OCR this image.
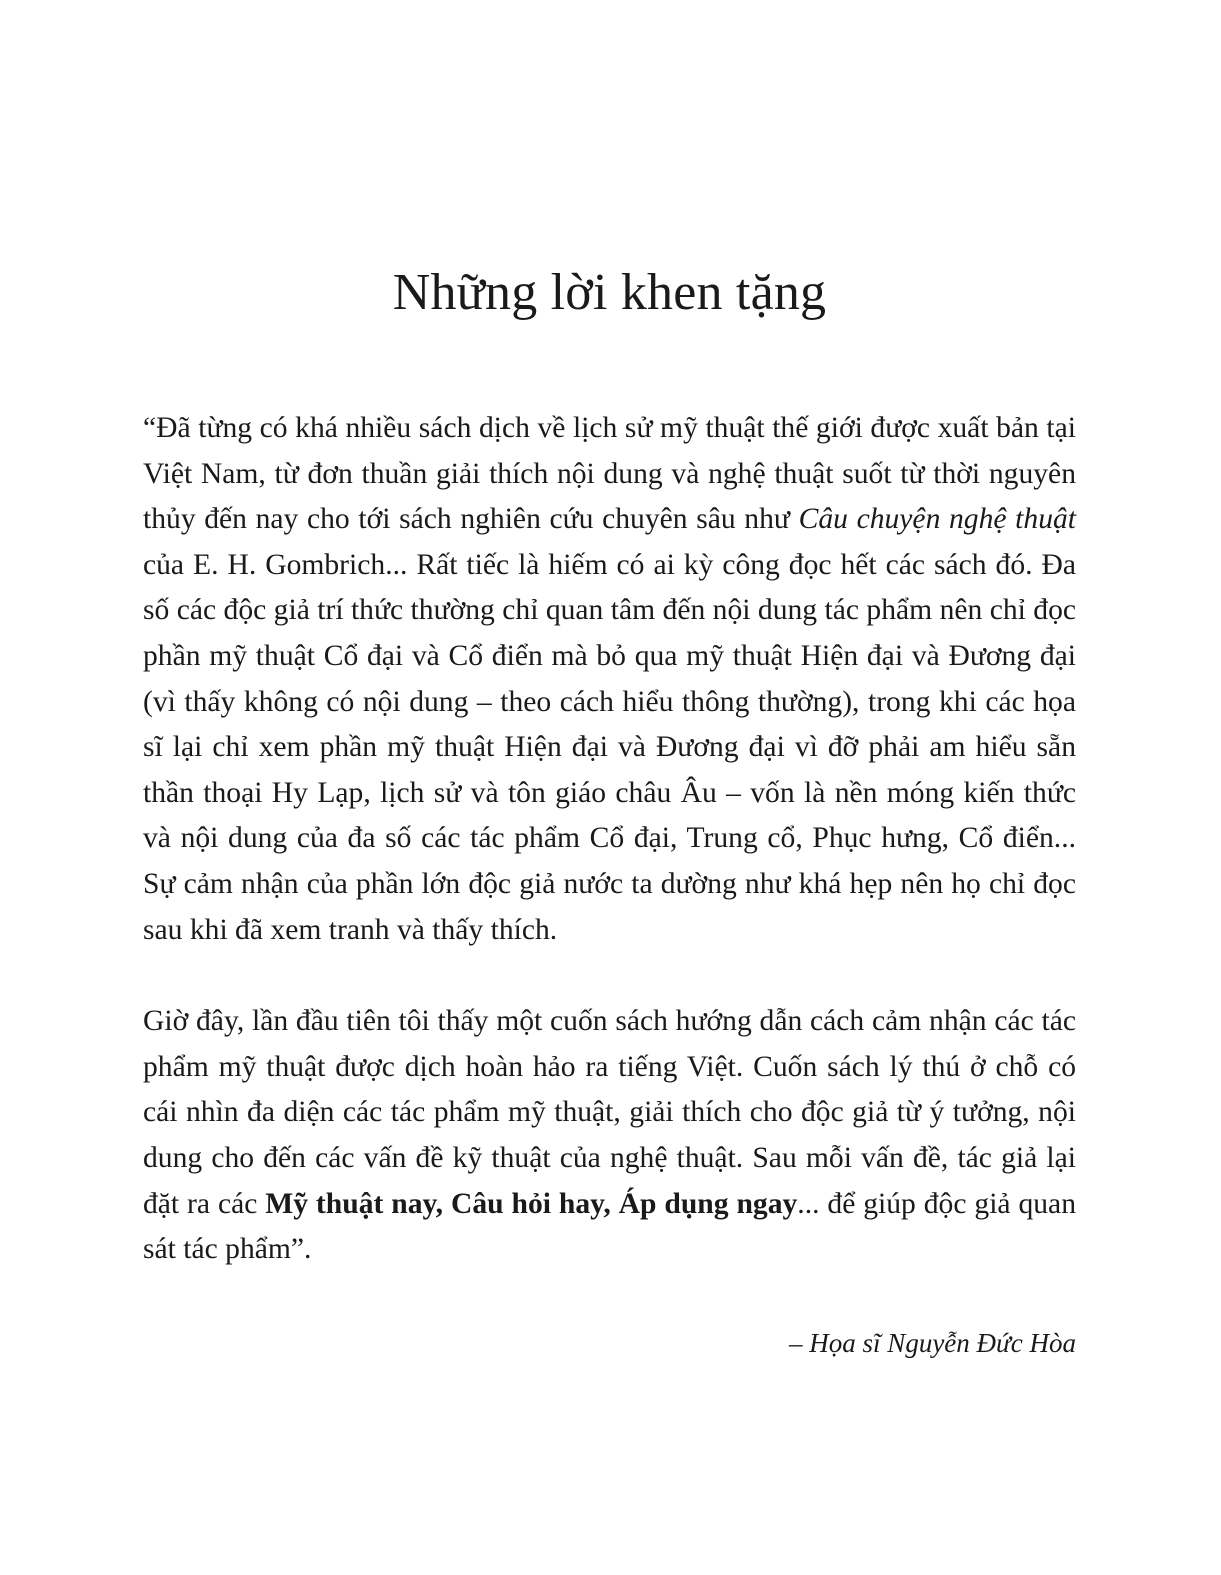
Những lời khen tặng

“Đã từng có khá nhiều sách dịch về lịch sử mỹ thuật thế giới được xuất bản tại Việt Nam, từ đơn thuần giải thích nội dung và nghệ thuật suốt từ thời nguyên thủy đến nay cho tới sách nghiên cứu chuyên sâu như Câu chuyện nghệ thuật của E. H. Gombrich... Rất tiếc là hiếm có ai kỳ công đọc hết các sách đó. Đa số các độc giả trí thức thường chỉ quan tâm đến nội dung tác phẩm nên chỉ đọc phần mỹ thuật Cổ đại và Cổ điển mà bỏ qua mỹ thuật Hiện đại và Đương đại (vì thấy không có nội dung – theo cách hiểu thông thường), trong khi các họa sĩ lại chỉ xem phần mỹ thuật Hiện đại và Đương đại vì đỡ phải am hiểu sẵn thần thoại Hy Lạp, lịch sử và tôn giáo châu Âu – vốn là nền móng kiến thức và nội dung của đa số các tác phẩm Cổ đại, Trung cổ, Phục hưng, Cổ điển... Sự cảm nhận của phần lớn độc giả nước ta dường như khá hẹp nên họ chỉ đọc sau khi đã xem tranh và thấy thích.

Giờ đây, lần đầu tiên tôi thấy một cuốn sách hướng dẫn cách cảm nhận các tác phẩm mỹ thuật được dịch hoàn hảo ra tiếng Việt. Cuốn sách lý thú ở chỗ có cái nhìn đa diện các tác phẩm mỹ thuật, giải thích cho độc giả từ ý tưởng, nội dung cho đến các vấn đề kỹ thuật của nghệ thuật. Sau mỗi vấn đề, tác giả lại đặt ra các Mỹ thuật nay, Câu hỏi hay, Áp dụng ngay... để giúp độc giả quan sát tác phẩm”.

– Họa sĩ Nguyễn Đức Hòa
